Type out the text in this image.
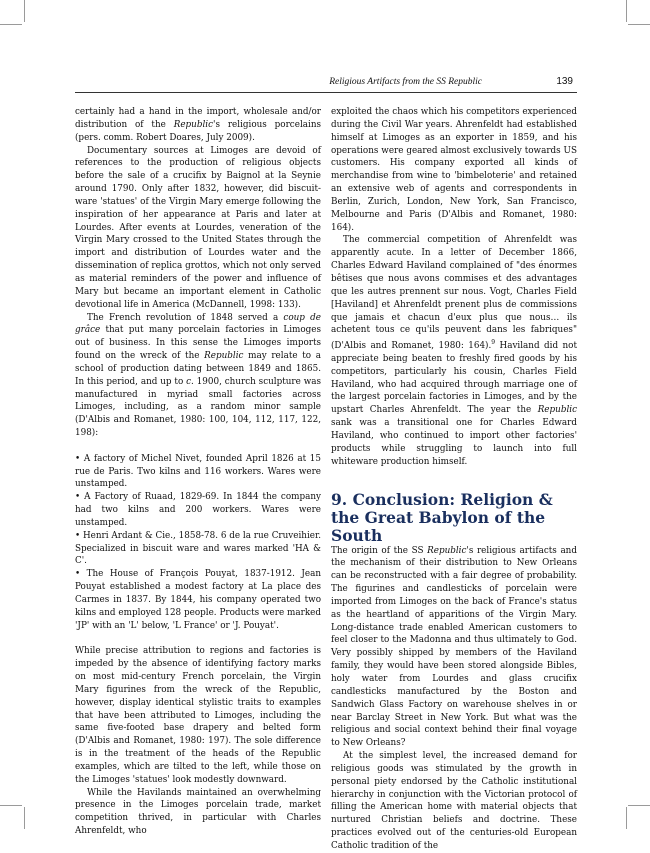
Religious Artifacts from the SS Republic	139

certainly had a hand in the import, wholesale and/or distribution of the Republic's religious porcelains (pers. comm. Robert Doares, July 2009).

Documentary sources at Limoges are devoid of references to the production of religious objects before the sale of a crucifix by Baignol at la Seynie around 1790. Only after 1832, however, did biscuit-ware 'statues' of the Virgin Mary emerge following the inspiration of her appearance at Paris and later at Lourdes. After events at Lourdes, veneration of the Virgin Mary crossed to the United States through the import and distribution of Lourdes water and the dissemination of replica grottos, which not only served as material reminders of the power and influence of Mary but became an important element in Catholic devotional life in America (McDannell, 1998: 133).

The French revolution of 1848 served a coup de grâce that put many porcelain factories in Limoges out of business. In this sense the Limoges imports found on the wreck of the Republic may relate to a school of production dating between 1849 and 1865. In this period, and up to c. 1900, church sculpture was manufactured in myriad small factories across Limoges, including, as a random minor sample (D'Albis and Romanet, 1980: 100, 104, 112, 117, 122, 198):

• A factory of Michel Nivet, founded April 1826 at 15 rue de Paris. Two kilns and 116 workers. Wares were unstamped.
• A Factory of Ruaad, 1829-69. In 1844 the company had two kilns and 200 workers. Wares were unstamped.
• Henri Ardant & Cie., 1858-78. 6 de la rue Cruveihier. Specialized in biscuit ware and wares marked 'HA & C'.
• The House of François Pouyat, 1837-1912. Jean Pouyat established a modest factory at La place des Carmes in 1837. By 1844, his company operated two kilns and employed 128 people. Products were marked 'JP' with an 'L' below, 'L France' or 'J. Pouyat'.

While precise attribution to regions and factories is impeded by the absence of identifying factory marks on most mid-century French porcelain, the Virgin Mary figurines from the wreck of the Republic, however, display identical stylistic traits to examples that have been attributed to Limoges, including the same five-footed base drapery and belted form (D'Albis and Romanet, 1980: 197). The sole difference is in the treatment of the heads of the Republic examples, which are tilted to the left, while those on the Limoges 'statues' look modestly downward.

While the Havilands maintained an overwhelming presence in the Limoges porcelain trade, market competition thrived, in particular with Charles Ahrenfeldt, who

exploited the chaos which his competitors experienced during the Civil War years. Ahrenfeldt had established himself at Limoges as an exporter in 1859, and his operations were geared almost exclusively towards US customers. His company exported all kinds of merchandise from wine to 'bimbeloterie' and retained an extensive web of agents and correspondents in Berlin, Zurich, London, New York, San Francisco, Melbourne and Paris (D'Albis and Romanet, 1980: 164).

The commercial competition of Ahrenfeldt was apparently acute. In a letter of December 1866, Charles Edward Haviland complained of "des énormes bêtises que nous avons commises et des advantages que les autres prennent sur nous. Vogt, Charles Field [Haviland] et Ahrenfeldt prenent plus de commissions que jamais et chacun d'eux plus que nous… ils achetent tous ce qu'ils peuvent dans les fabriques" (D'Albis and Romanet, 1980: 164).$^9$ Haviland did not appreciate being beaten to freshly fired goods by his competitors, particularly his cousin, Charles Field Haviland, who had acquired through marriage one of the largest porcelain factories in Limoges, and by the upstart Charles Ahrenfeldt. The year the Republic sank was a transitional one for Charles Edward Haviland, who continued to import other factories' products while struggling to launch into full whiteware production himself.

9. Conclusion: Religion & the Great Babylon of the South

The origin of the SS Republic's religious artifacts and the mechanism of their distribution to New Orleans can be reconstructed with a fair degree of probability. The figurines and candlesticks of porcelain were imported from Limoges on the back of France's status as the heartland of apparitions of the Virgin Mary. Long-distance trade enabled American customers to feel closer to the Madonna and thus ultimately to God. Very possibly shipped by members of the Haviland family, they would have been stored alongside Bibles, holy water from Lourdes and glass crucifix candlesticks manufactured by the Boston and Sandwich Glass Factory on warehouse shelves in or near Barclay Street in New York. But what was the religious and social context behind their final voyage to New Orleans?

At the simplest level, the increased demand for religious goods was stimulated by the growth in personal piety endorsed by the Catholic institutional hierarchy in conjunction with the Victorian protocol of filling the American home with material objects that nurtured Christian beliefs and doctrine. These practices evolved out of the centuries-old European Catholic tradition of the
